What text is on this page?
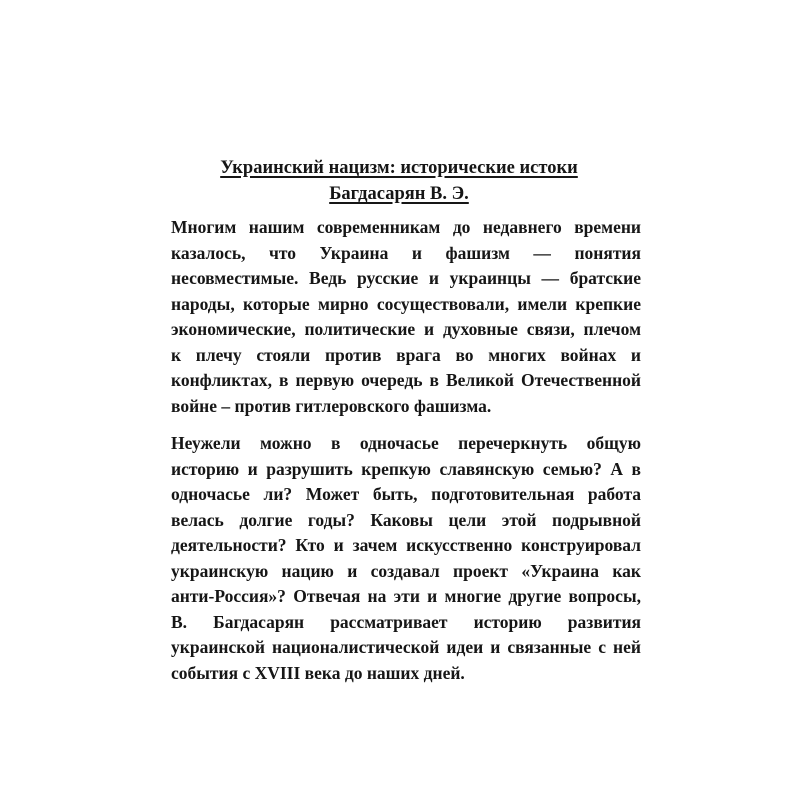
Украинский нацизм: исторические истоки
Багдасарян В. Э.
Многим нашим современникам до недавнего времени
казалось, что Украина и фашизм — понятия
несовместимые. Ведь русские и украинцы — братские
народы, которые мирно сосуществовали, имели крепкие
экономические, политические и духовные связи, плечом
к плечу стояли против врага во многих войнах и
конфликтах, в первую очередь в Великой Отечественной
войне – против гитлеровского фашизма.
Неужели можно в одночасье перечеркнуть общую
историю и разрушить крепкую славянскую семью? А в
одночасье ли? Может быть, подготовительная работа
велась долгие годы? Каковы цели этой подрывной
деятельности? Кто и зачем искусственно конструировал
украинскую нацию и создавал проект «Украина как
анти-Россия»? Отвечая на эти и многие другие вопросы,
В. Багдасарян рассматривает историю развития
украинской националистической идеи и связанные с ней
события с XVIII века до наших дней.
